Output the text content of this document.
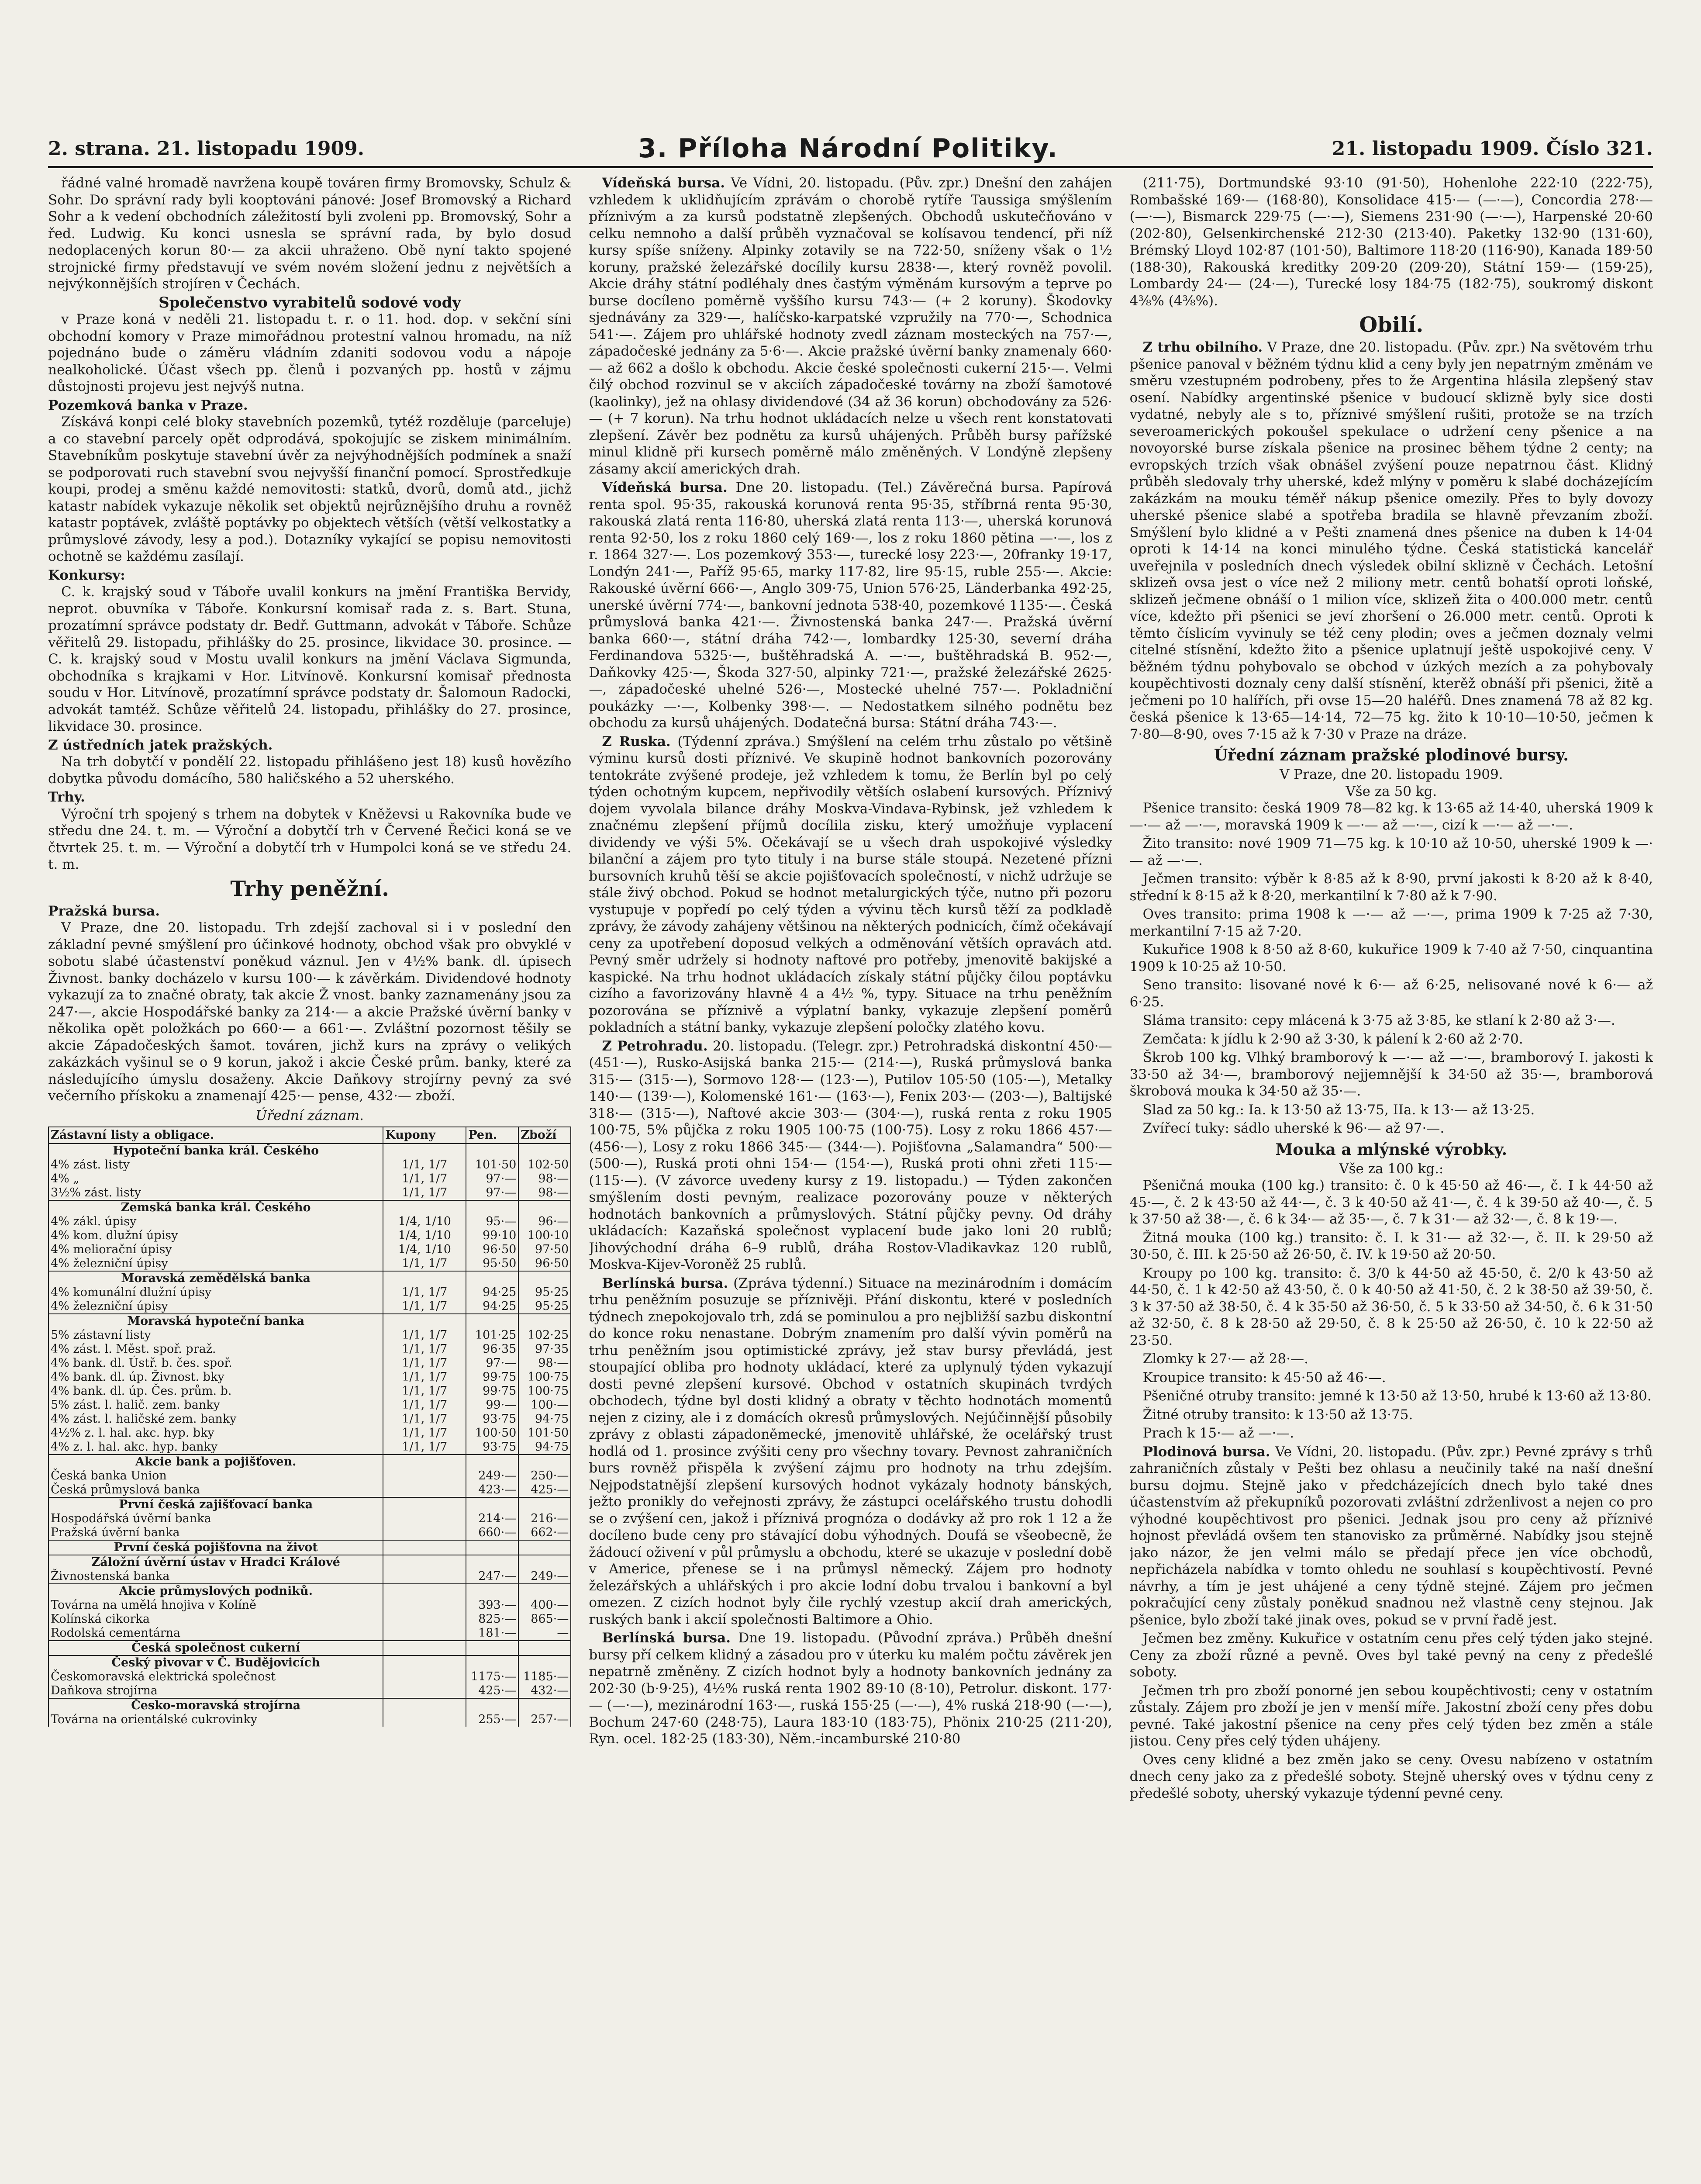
2. strana. 21. listopadu 1909.	3. Příloha Národní Politiky.	21. listopadu 1909. Číslo 321.

řádné valné hromadě navržena koupě továren firmy Bromovsky, Schulz & Sohr. Do správní rady byli kooptováni pánové: Josef Bromovský a Richard Sohr a k vedení obchodních záležitostí byli zvoleni pp. Bromovský, Sohr a řed. Ludwig. Ku konci usnesla se správní rada, by bylo dosud nedoplacených korun 80·— za akcii uhraženo. Obě nyní takto spojené strojnické firmy představují ve svém novém složení jednu z největších a nejvýkonnějších strojíren v Čechách.

Společenstvo vyrabitelů sodové vody

v Praze koná v neděli 21. listopadu t. r. o 11. hod. dop. v sekční síni obchodní komory v Praze mimořádnou protestní valnou hromadu, na níž pojednáno bude o záměru vládním zdaniti sodovou vodu a nápoje nealkoholické. Účast všech pp. členů i pozvaných pp. hostů v zájmu důstojnosti projevu jest nejvýš nutna.

Pozemková banka v Praze.

Získává konpi celé bloky stavebních pozemků, tytéž rozděluje (parceluje) a co stavební parcely opět odprodává, spokojujíc se ziskem minimálním. Stavebníkům poskytuje stavební úvěr za nejvýhodnějších podmínek a snaží se podporovati ruch stavební svou nejvyšší finanční pomocí. Sprostředkuje koupi, prodej a směnu každé nemovitosti: statků, dvorů, domů atd., jichž katastr nabídek vykazuje několik set objektů nejrůznějšího druhu a rovněž katastr poptávek, zvláště poptávky po objektech větších (větší velkostatky a průmyslové závody, lesy a pod.). Dotazníky vykající se popisu nemovitosti ochotně se každému zasílají.

Konkursy:

C. k. krajský soud v Táboře uvalil konkurs na jmění Františka Bervidy, neprot. obuvníka v Táboře. Konkursní komisař rada z. s. Bart. Stuna, prozatímní správce podstaty dr. Bedř. Guttmann, advokát v Táboře. Schůze věřitelů 29. listopadu, přihlášky do 25. prosince, likvidace 30. prosince. — C. k. krajský soud v Mostu uvalil konkurs na jmění Václava Sigmunda, obchodníka s krajkami v Hor. Litvínově. Konkursní komisař přednosta soudu v Hor. Litvínově, prozatímní správce podstaty dr. Šalomoun Radocki, advokát tamtéž. Schůze věřitelů 24. listopadu, přihlášky do 27. prosince, likvidace 30. prosince.

Z ústředních jatek pražských.

Na trh dobytčí v pondělí 22. listopadu přihlášeno jest 18) kusů hovězího dobytka původu domácího, 580 haličského a 52 uherského.

Trhy.

Výroční trh spojený s trhem na dobytek v Kněževsi u Rakovníka bude ve středu dne 24. t. m. — Výroční a dobytčí trh v Červené Řečici koná se ve čtvrtek 25. t. m. — Výroční a dobytčí trh v Humpolci koná se ve středu 24. t. m.

Trhy peněžní.
Pražská bursa.

V Praze, dne 20. listopadu. Trh zdejší zachoval si i v poslední den základní pevné smýšlení pro účinkové hodnoty, obchod však pro obvyklé v sobotu slabé účastenství poněkud váznul. Jen v 4½% bank. dl. úpisech Živnost. banky docházelo v kursu 100·— k závěrkám. Dividendové hodnoty vykazují za to značné obraty, tak akcie Ž vnost. banky zaznamenány jsou za 247·—, akcie Hospodářské banky za 214·— a akcie Pražské úvěrní banky v několika opět položkách po 660·— a 661·—. Zvláštní pozornost těšily se akcie Západočeských šamot. továren, jichž kurs na zprávy o velikých zakázkách vyšinul se o 9 korun, jakož i akcie České prům. banky, které za následujícího úmyslu dosaženy. Akcie Daňkovy strojírny pevný za své večerního přískoku a znamenají 425·— pense, 432·— zboží.

Úřední záznam.
Zástavní listy a obligace.	Kupony	Pen.	Zboží
Hypoteční banka král. Českého			
4% zást. listy	1/1, 1/7	101·50	102·50
4% „	1/1, 1/7	97·—	98·—
3½% zást. listy	1/1, 1/7	97·—	98·—
Zemská banka král. Českého			
4% zákl. úpisy	1/4, 1/10	95·—	96·—
4% kom. dlužní úpisy	1/4, 1/10	99·10	100·10
4% meliorační úpisy	1/4, 1/10	96·50	97·50
4% železniční úpisy	1/1, 1/7	95·50	96·50
Moravská zemědělská banka			
4% komunální dlužní úpisy	1/1, 1/7	94·25	95·25
4% železniční úpisy	1/1, 1/7	94·25	95·25
Moravská hypoteční banka			
5% zástavní listy	1/1, 1/7	101·25	102·25
4% zást. l. Měst. spoř. praž.	1/1, 1/7	96·35	97·35
4% bank. dl. Ústř. b. čes. spoř.	1/1, 1/7	97·—	98·—
4% bank. dl. úp. Živnost. bky	1/1, 1/7	99·75	100·75
4% bank. dl. úp. Čes. prům. b.	1/1, 1/7	99·75	100·75
5% zást. l. halič. zem. banky	1/1, 1/7	99·—	100·—
4% zást. l. haličské zem. banky	1/1, 1/7	93·75	94·75
4½% z. l. hal. akc. hyp. bky	1/1, 1/7	100·50	101·50
4% z. l. hal. akc. hyp. banky	1/1, 1/7	93·75	94·75
Akcie bank a pojišťoven.			
Česká banka Union		249·—	250·—
Česká průmyslová banka		423·—	425·—
První česká zajišťovací banka			
Hospodářská úvěrní banka		214·—	216·—
Pražská úvěrní banka		660·—	662·—
První česká pojišťovna na život			
Záložní úvěrní ústav v Hradci Králové			
Živnostenská banka		247·—	249·—
Akcie průmyslových podniků.			
Továrna na umělá hnojiva v Kolíně		393·—	400·—
Kolínská cikorka		825·—	865·—
Rodolská cementárna		181·—	—
Česká společnost cukerní			
Český pivovar v Č. Budějovicích			
Českomoravská elektrická společnost		1175·—	1185·—
Daňkova strojírna		425·—	432·—
Česko-moravská strojírna			
Továrna na orientálské cukrovinky		255·—	257·—

Vídeňská bursa. Ve Vídni, 20. listopadu. (Pův. zpr.) Dnešní den zahájen vzhledem k uklidňujícím zprávám o chorobě rytíře Taussiga smýšlením příznivým a za kursů podstatně zlepšených. Obchodů uskutečňováno v celku nemnoho a další průběh vyznačoval se kolísavou tendencí, při níž kursy spíše sníženy. Alpinky zotavily se na 722·50, sníženy však o 1½ koruny, pražské železářské docílily kursu 2838·—, který rovněž povolil. Akcie dráhy státní podléhaly dnes častým výměnám kursovým a teprve po burse docíleno poměrně vyššího kursu 743·— (+ 2 koruny). Škodovky sjednávány za 329·—, halíčsko-karpatské vzpružily na 770·—, Schodnica 541·—. Zájem pro uhlářské hodnoty zvedl záznam mosteckých na 757·—, západočeské jednány za 5·6·—. Akcie pražské úvěrní banky znamenaly 660·— až 662 a došlo k obchodu. Akcie české společnosti cukerní 215·—. Velmi čilý obchod rozvinul se v akciích západočeské továrny na zboží šamotové (kaolinky), jež na ohlasy dividendové (34 až 36 korun) obchodovány za 526·— (+ 7 korun). Na trhu hodnot ukládacích nelze u všech rent konstatovati zlepšení. Závěr bez podnětu za kursů uhájených. Průběh bursy pařížské minul klidně při kursech poměrně málo změněných. V Londýně zlepšeny zásamy akcií amerických drah.

Vídeňská bursa. Dne 20. listopadu. (Tel.) Závěrečná bursa. Papírová renta spol. 95·35, rakouská korunová renta 95·35, stříbrná renta 95·30, rakouská zlatá renta 116·80, uherská zlatá renta 113·—, uherská korunová renta 92·50, los z roku 1860 celý 169·—, los z roku 1860 pětina —·—, los z r. 1864 327·—. Los pozemkový 353·—, turecké losy 223·—, 20franky 19·17, Londýn 241·—, Paříž 95·65, marky 117·82, lire 95·15, ruble 255·—. Akcie: Rakouské úvěrní 666·—, Anglo 309·75, Union 576·25, Länderbanka 492·25, unerské úvěrní 774·—, bankovní jednota 538·40, pozemkové 1135·—. Česká průmyslová banka 421·—. Živnostenská banka 247·—. Pražská úvěrní banka 660·—, státní dráha 742·—, lombardky 125·30, severní dráha Ferdinandova 5325·—, buštěhradská A. —·—, buštěhradská B. 952·—, Daňkovky 425·—, Škoda 327·50, alpinky 721·—, pražské železářské 2625·—, západočeské uhelné 526·—, Mostecké uhelné 757·—. Pokladniční poukázky —·—, Kolbenky 398·—. — Nedostatkem silného podnětu bez obchodu za kursů uhájených. Dodatečná bursa: Státní dráha 743·—.

Z Ruska. (Týdenní zpráva.) Smýšlení na celém trhu zůstalo po většině výminu kursů dosti příznivé. Ve skupině hodnot bankovních pozorovány tentokráte zvýšené prodeje, jež vzhledem k tomu, že Berlín byl po celý týden ochotným kupcem, nepřivodily větších oslabení kursových. Příznivý dojem vyvolala bilance dráhy Moskva-Vindava-Rybinsk, jež vzhledem k značnému zlepšení příjmů docílila zisku, který umožňuje vyplacení dividendy ve výši 5%. Očekávají se u všech drah uspokojivé výsledky bilanční a zájem pro tyto tituly i na burse stále stoupá. Nezetené přízni bursovních kruhů těší se akcie pojišťovacích společností, v nichž udržuje se stále živý obchod. Pokud se hodnot metalurgických týče, nutno při pozoru vystupuje v popředí po celý týden a vývinu těch kursů těží za podkladě zprávy, že závody zahájeny většinou na některých podnicích, čímž očekávají ceny za upotřebení doposud velkých a odměnování větších opravách atd. Pevný směr udržely si hodnoty naftové pro potřeby, jmenovitě bakijské a kaspické. Na trhu hodnot ukládacích získaly státní půjčky čilou poptávku cizího a favorizovány hlavně 4 a 4½ %, typy. Situace na trhu peněžním pozorována se příznivě a výplatní banky, vykazuje zlepšení poměrů pokladních a státní banky, vykazuje zlepšení poločky zlatého kovu.

Z Petrohradu. 20. listopadu. (Telegr. zpr.) Petrohradská diskontní 450·— (451·—), Rusko-Asijská banka 215·— (214·—), Ruská průmyslová banka 315·— (315·—), Sormovo 128·— (123·—), Putilov 105·50 (105·—), Metalky 140·— (139·—), Kolomenské 161·— (163·—), Fenix 203·— (203·—), Baltijské 318·— (315·—), Naftové akcie 303·— (304·—), ruská renta z roku 1905 100·75, 5% půjčka z roku 1905 100·75 (100·75). Losy z roku 1866 457·— (456·—), Losy z roku 1866 345·— (344·—). Pojišťovna „Salamandra“ 500·— (500·—), Ruská proti ohni 154·— (154·—), Ruská proti ohni zřeti 115·— (115·—). (V závorce uvedeny kursy z 19. listopadu.) — Týden zakončen smýšlením dosti pevným, realizace pozorovány pouze v některých hodnotách bankovních a průmyslových. Státní půjčky pevny. Od dráhy ukládacích: Kazaňská společnost vyplacení bude jako loni 20 rublů; Jihovýchodní dráha 6–9 rublů, dráha Rostov-Vladikavkaz 120 rublů, Moskva-Kijev-Voroněž 25 rublů.

Berlínská bursa. (Zpráva týdenní.) Situace na mezinárodním i domácím trhu peněžním posuzuje se příznivěji. Přání diskontu, které v posledních týdnech znepokojovalo trh, zdá se pominulou a pro nejbližší sazbu diskontní do konce roku nenastane. Dobrým znamením pro další vývin poměrů na trhu peněžním jsou optimistické zprávy, jež stav bursy převládá, jest stoupající obliba pro hodnoty ukládací, které za uplynulý týden vykazují dosti pevné zlepšení kursové. Obchod v ostatních skupinách tvrdých obchodech, týdne byl dosti klidný a obraty v těchto hodnotách momentů nejen z ciziny, ale i z domácích okresů průmyslových. Nejúčinnější působily zprávy z oblasti západoněmecké, jmenovitě uhlářské, že ocelářský trust hodlá od 1. prosince zvýšiti ceny pro všechny tovary. Pevnost zahraničních burs rovněž přispěla k zvýšení zájmu pro hodnoty na trhu zdejším. Nejpodstatnější zlepšení kursových hodnot vykázaly hodnoty bánských, ježto pronikly do veřejnosti zprávy, že zástupci ocelářského trustu dohodli se o zvýšení cen, jakož i příznivá prognóza o dodávky až pro rok 1 12 a že docíleno bude ceny pro stávající dobu výhodných. Doufá se všeobecně, že žádoucí oživení v půl průmyslu a obchodu, které se ukazuje v poslední době v Americe, přenese se i na průmysl německý. Zájem pro hodnoty železářských a uhlářských i pro akcie lodní dobu trvalou i bankovní a byl omezen. Z cizích hodnot byly čile rychlý vzestup akcií drah amerických, ruských bank i akcií společnosti Baltimore a Ohio.

Berlínská bursa. Dne 19. listopadu. (Původní zpráva.) Průběh dnešní bursy pří celkem klidný a zásadou pro v úterku ku malém počtu závěrek jen nepatrně změněny. Z cizích hodnot byly a hodnoty bankovních jednány za 202·30 (b·9·25), 4½% ruská renta 1902 89·10 (8·10), Petrolur. diskont. 177·— (—·—), mezinárodní 163·—, ruská 155·25 (—·—), 4% ruská 218·90 (—·—), Bochum 247·60 (248·75), Laura 183·10 (183·75), Phönix 210·25 (211·20), Ryn. ocel. 182·25 (183·30), Něm.-incamburské 210·80

(211·75), Dortmundské 93·10 (91·50), Hohenlohe 222·10 (222·75), Rombašské 169·— (168·80), Konsolidace 415·— (—·—), Concordia 278·— (—·—), Bismarck 229·75 (—·—), Siemens 231·90 (—·—), Harpenské 20·60 (202·80), Gelsenkirchenské 212·30 (213·40). Paketky 132·90 (131·60), Brémský Lloyd 102·87 (101·50), Baltimore 118·20 (116·90), Kanada 189·50 (188·30), Rakouská kreditky 209·20 (209·20), Státní 159·— (159·25), Lombardy 24·— (24·—), Turecké losy 184·75 (182·75), soukromý diskont 4⅜% (4⅜%).

Obilí.

Z trhu obilního. V Praze, dne 20. listopadu. (Pův. zpr.) Na světovém trhu pšenice panoval v běžném týdnu klid a ceny byly jen nepatrným změnám ve směru vzestupném podrobeny, přes to že Argentina hlásila zlepšený stav osení. Nabídky argentinské pšenice v budoucí sklizně byly sice dosti vydatné, nebyly ale s to, příznivé smýšlení rušiti, protože se na trzích severoamerických pokoušel spekulace o udržení ceny pšenice a na novoyorské burse získala pšenice na prosinec během týdne 2 centy; na evropských trzích však obnášel zvýšení pouze nepatrnou část. Klidný průběh sledovaly trhy uherské, kdež mlýny v poměru k slabé docházejícím zakázkám na mouku téměř nákup pšenice omezily. Přes to byly dovozy uherské pšenice slabé a spotřeba bradila se hlavně převzaním zboží. Smýšlení bylo klidné a v Pešti znamená dnes pšenice na duben k 14·04 oproti k 14·14 na konci minulého týdne. Česká statistická kancelář uveřejnila v posledních dnech výsledek obilní sklizně v Čechách. Letošní sklizeň ovsa jest o více než 2 miliony metr. centů bohatší oproti loňské, sklizeň ječmene obnáší o 1 milion více, sklizeň žita o 400.000 metr. centů více, kdežto při pšenici se jeví zhoršení o 26.000 metr. centů. Oproti k těmto číslicím vyvinuly se též ceny plodin; oves a ječmen doznaly velmi citelné stísnění, kdežto žito a pšenice uplatnují ještě uspokojivé ceny. V běžném týdnu pohybovalo se obchod v úzkých mezích a za pohybovaly koupěchtivosti doznaly ceny další stísnění, kterěž obnáší při pšenici, žitě a ječmeni po 10 halířích, při ovse 15—20 haléřů. Dnes znamená 78 až 82 kg. česká pšenice k 13·65—14·14, 72—75 kg. žito k 10·10—10·50, ječmen k 7·80—8·90, oves 7·15 až k 7·30 v Praze na dráze.

Úřední záznam pražské plodinové bursy.
V Praze, dne 20. listopadu 1909.
Vše za 50 kg.

Pšenice transito: česká 1909 78—82 kg. k 13·65 až 14·40, uherská 1909 k —·— až —·—, moravská 1909 k —·— až —·—, cizí k —·— až —·—.

Žito transito: nové 1909 71—75 kg. k 10·10 až 10·50, uherské 1909 k —·— až —·—.

Ječmen transito: výběr k 8·85 až k 8·90, první jakosti k 8·20 až k 8·40, střední k 8·15 až k 8·20, merkantilní k 7·80 až k 7·90.

Oves transito: prima 1908 k —·— až —·—, prima 1909 k 7·25 až 7·30, merkantilní 7·15 až 7·20.

Kukuřice 1908 k 8·50 až 8·60, kukuřice 1909 k 7·40 až 7·50, cinquantina 1909 k 10·25 až 10·50.

Seno transito: lisované nové k 6·— až 6·25, nelisované nové k 6·— až 6·25.

Sláma transito: cepy mlácená k 3·75 až 3·85, ke stlaní k 2·80 až 3·—.

Zemčata: k jídlu k 2·90 až 3·30, k pálení k 2·60 až 2·70.

Škrob 100 kg. Vlhký bramborový k —·— až —·—, bramborový I. jakosti k 33·50 až 34·—, bramborový nejjemnější k 34·50 až 35·—, bramborová škrobová mouka k 34·50 až 35·—.

Slad za 50 kg.: Ia. k 13·50 až 13·75, IIa. k 13·— až 13·25.

Zvířecí tuky: sádlo uherské k 96·— až 97·—.

Mouka a mlýnské výrobky.
Vše za 100 kg.:

Pšeničná mouka (100 kg.) transito: č. 0 k 45·50 až 46·—, č. I k 44·50 až 45·—, č. 2 k 43·50 až 44·—, č. 3 k 40·50 až 41·—, č. 4 k 39·50 až 40·—, č. 5 k 37·50 až 38·—, č. 6 k 34·— až 35·—, č. 7 k 31·— až 32·—, č. 8 k 19·—.

Žitná mouka (100 kg.) transito: č. I. k 31·— až 32·—, č. II. k 29·50 až 30·50, č. III. k 25·50 až 26·50, č. IV. k 19·50 až 20·50.

Kroupy po 100 kg. transito: č. 3/0 k 44·50 až 45·50, č. 2/0 k 43·50 až 44·50, č. 1 k 42·50 až 43·50, č. 0 k 40·50 až 41·50, č. 2 k 38·50 až 39·50, č. 3 k 37·50 až 38·50, č. 4 k 35·50 až 36·50, č. 5 k 33·50 až 34·50, č. 6 k 31·50 až 32·50, č. 8 k 28·50 až 29·50, č. 8 k 25·50 až 26·50, č. 10 k 22·50 až 23·50.

Zlomky k 27·— až 28·—.

Kroupice transito: k 45·50 až 46·—.

Pšeničné otruby transito: jemné k 13·50 až 13·50, hrubé k 13·60 až 13·80.

Žitné otruby transito: k 13·50 až 13·75.

Prach k 15·— až —·—.

Plodinová bursa. Ve Vídni, 20. listopadu. (Pův. zpr.) Pevné zprávy s trhů zahraničních zůstaly v Pešti bez ohlasu a neučinily také na naší dnešní bursu dojmu. Stejně jako v předcházejících dnech bylo také dnes účastenstvím až překupníků pozorovati zvláštní zdrženlivost a nejen co pro výhodné koupěchtivost pro pšenici. Jednak jsou pro ceny až příznivé hojnost převládá ovšem ten stanovisko za průměrné. Nabídky jsou stejně jako názor, že jen velmi málo se předají přece jen více obchodů, nepřicházela nabídka v tomto ohledu ne souhlasí s koupěchtivostí. Pevné návrhy, a tím je jest uhájené a ceny týdně stejné. Zájem pro ječmen pokračující ceny zůstaly poněkud snadnou než vlastně ceny stejnou. Jak pšenice, bylo zboží také jinak oves, pokud se v první řadě jest.

Ječmen bez změny. Kukuřice v ostatním cenu přes celý týden jako stejné. Ceny za zboží různé a pevně. Oves byl také pevný na ceny z předešlé soboty.

Ječmen trh pro zboží ponorné jen sebou koupěchtivosti; ceny v ostatním zůstaly. Zájem pro zboží je jen v menší míře. Jakostní zboží ceny přes dobu pevné. Také jakostní pšenice na ceny přes celý týden bez změn a stále jistou. Ceny přes celý týden uhájeny.

Oves ceny klidné a bez změn jako se ceny. Ovesu nabízeno v ostatním dnech ceny jako za z předešlé soboty. Stejně uherský oves v týdnu ceny z předešlé soboty, uherský vykazuje týdenní pevné ceny.
